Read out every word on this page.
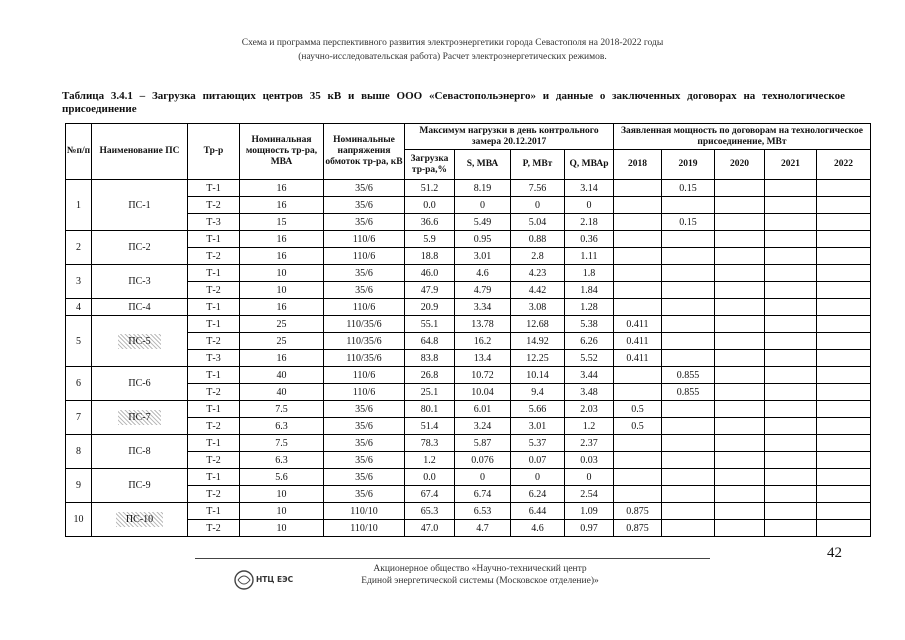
Схема и программа перспективного развития электроэнергетики города Севастополя на 2018-2022 годы
(научно-исследовательская работа) Расчет электроэнергетических режимов.
Таблица 3.4.1 – Загрузка питающих центров 35 кВ и выше ООО «Севастопольэнерго» и данные о заключенных договорах на технологическое присоединение
№п/п	Наименование ПС	Тр-р	Номинальная мощность тр-ра, МВА	Номинальные напряжения обмоток тр-ра, кВ	Максимум нагрузки в день контрольного замера 20.12.2017				Заявленная мощность по договорам на технологическое присоединение, МВт				
					Загрузка тр-ра,%	S, МВА	P, МВт	Q, МВАр	2018	2019	2020	2021	2022
1	ПС-1	Т-1	16	35/6	51.2	8.19	7.56	3.14		0.15			
		Т-2	16	35/6	0.0	0	0	0					
		Т-3	15	35/6	36.6	5.49	5.04	2.18		0.15			
2	ПС-2	Т-1	16	110/6	5.9	0.95	0.88	0.36					
		Т-2	16	110/6	18.8	3.01	2.8	1.11					
3	ПС-3	Т-1	10	35/6	46.0	4.6	4.23	1.8					
		Т-2	10	35/6	47.9	4.79	4.42	1.84					
4	ПС-4	Т-1	16	110/6	20.9	3.34	3.08	1.28					
5	ПС-5	Т-1	25	110/35/6	55.1	13.78	12.68	5.38	0.411				
		Т-2	25	110/35/6	64.8	16.2	14.92	6.26	0.411				
		Т-3	16	110/35/6	83.8	13.4	12.25	5.52	0.411				
6	ПС-6	Т-1	40	110/6	26.8	10.72	10.14	3.44		0.855			
		Т-2	40	110/6	25.1	10.04	9.4	3.48		0.855			
7	ПС-7	Т-1	7.5	35/6	80.1	6.01	5.66	2.03	0.5				
		Т-2	6.3	35/6	51.4	3.24	3.01	1.2	0.5				
8	ПС-8	Т-1	7.5	35/6	78.3	5.87	5.37	2.37					
		Т-2	6.3	35/6	1.2	0.076	0.07	0.03					
9	ПС-9	Т-1	5.6	35/6	0.0	0	0	0					
		Т-2	10	35/6	67.4	6.74	6.24	2.54					
10	ПС-10	Т-1	10	110/10	65.3	6.53	6.44	1.09	0.875				
		Т-2	10	110/10	47.0	4.7	4.6	0.97	0.875				
42
НТЦ ЕЭС
Акционерное общество «Научно-технический центр
Единой энергетической системы (Московское отделение)»
